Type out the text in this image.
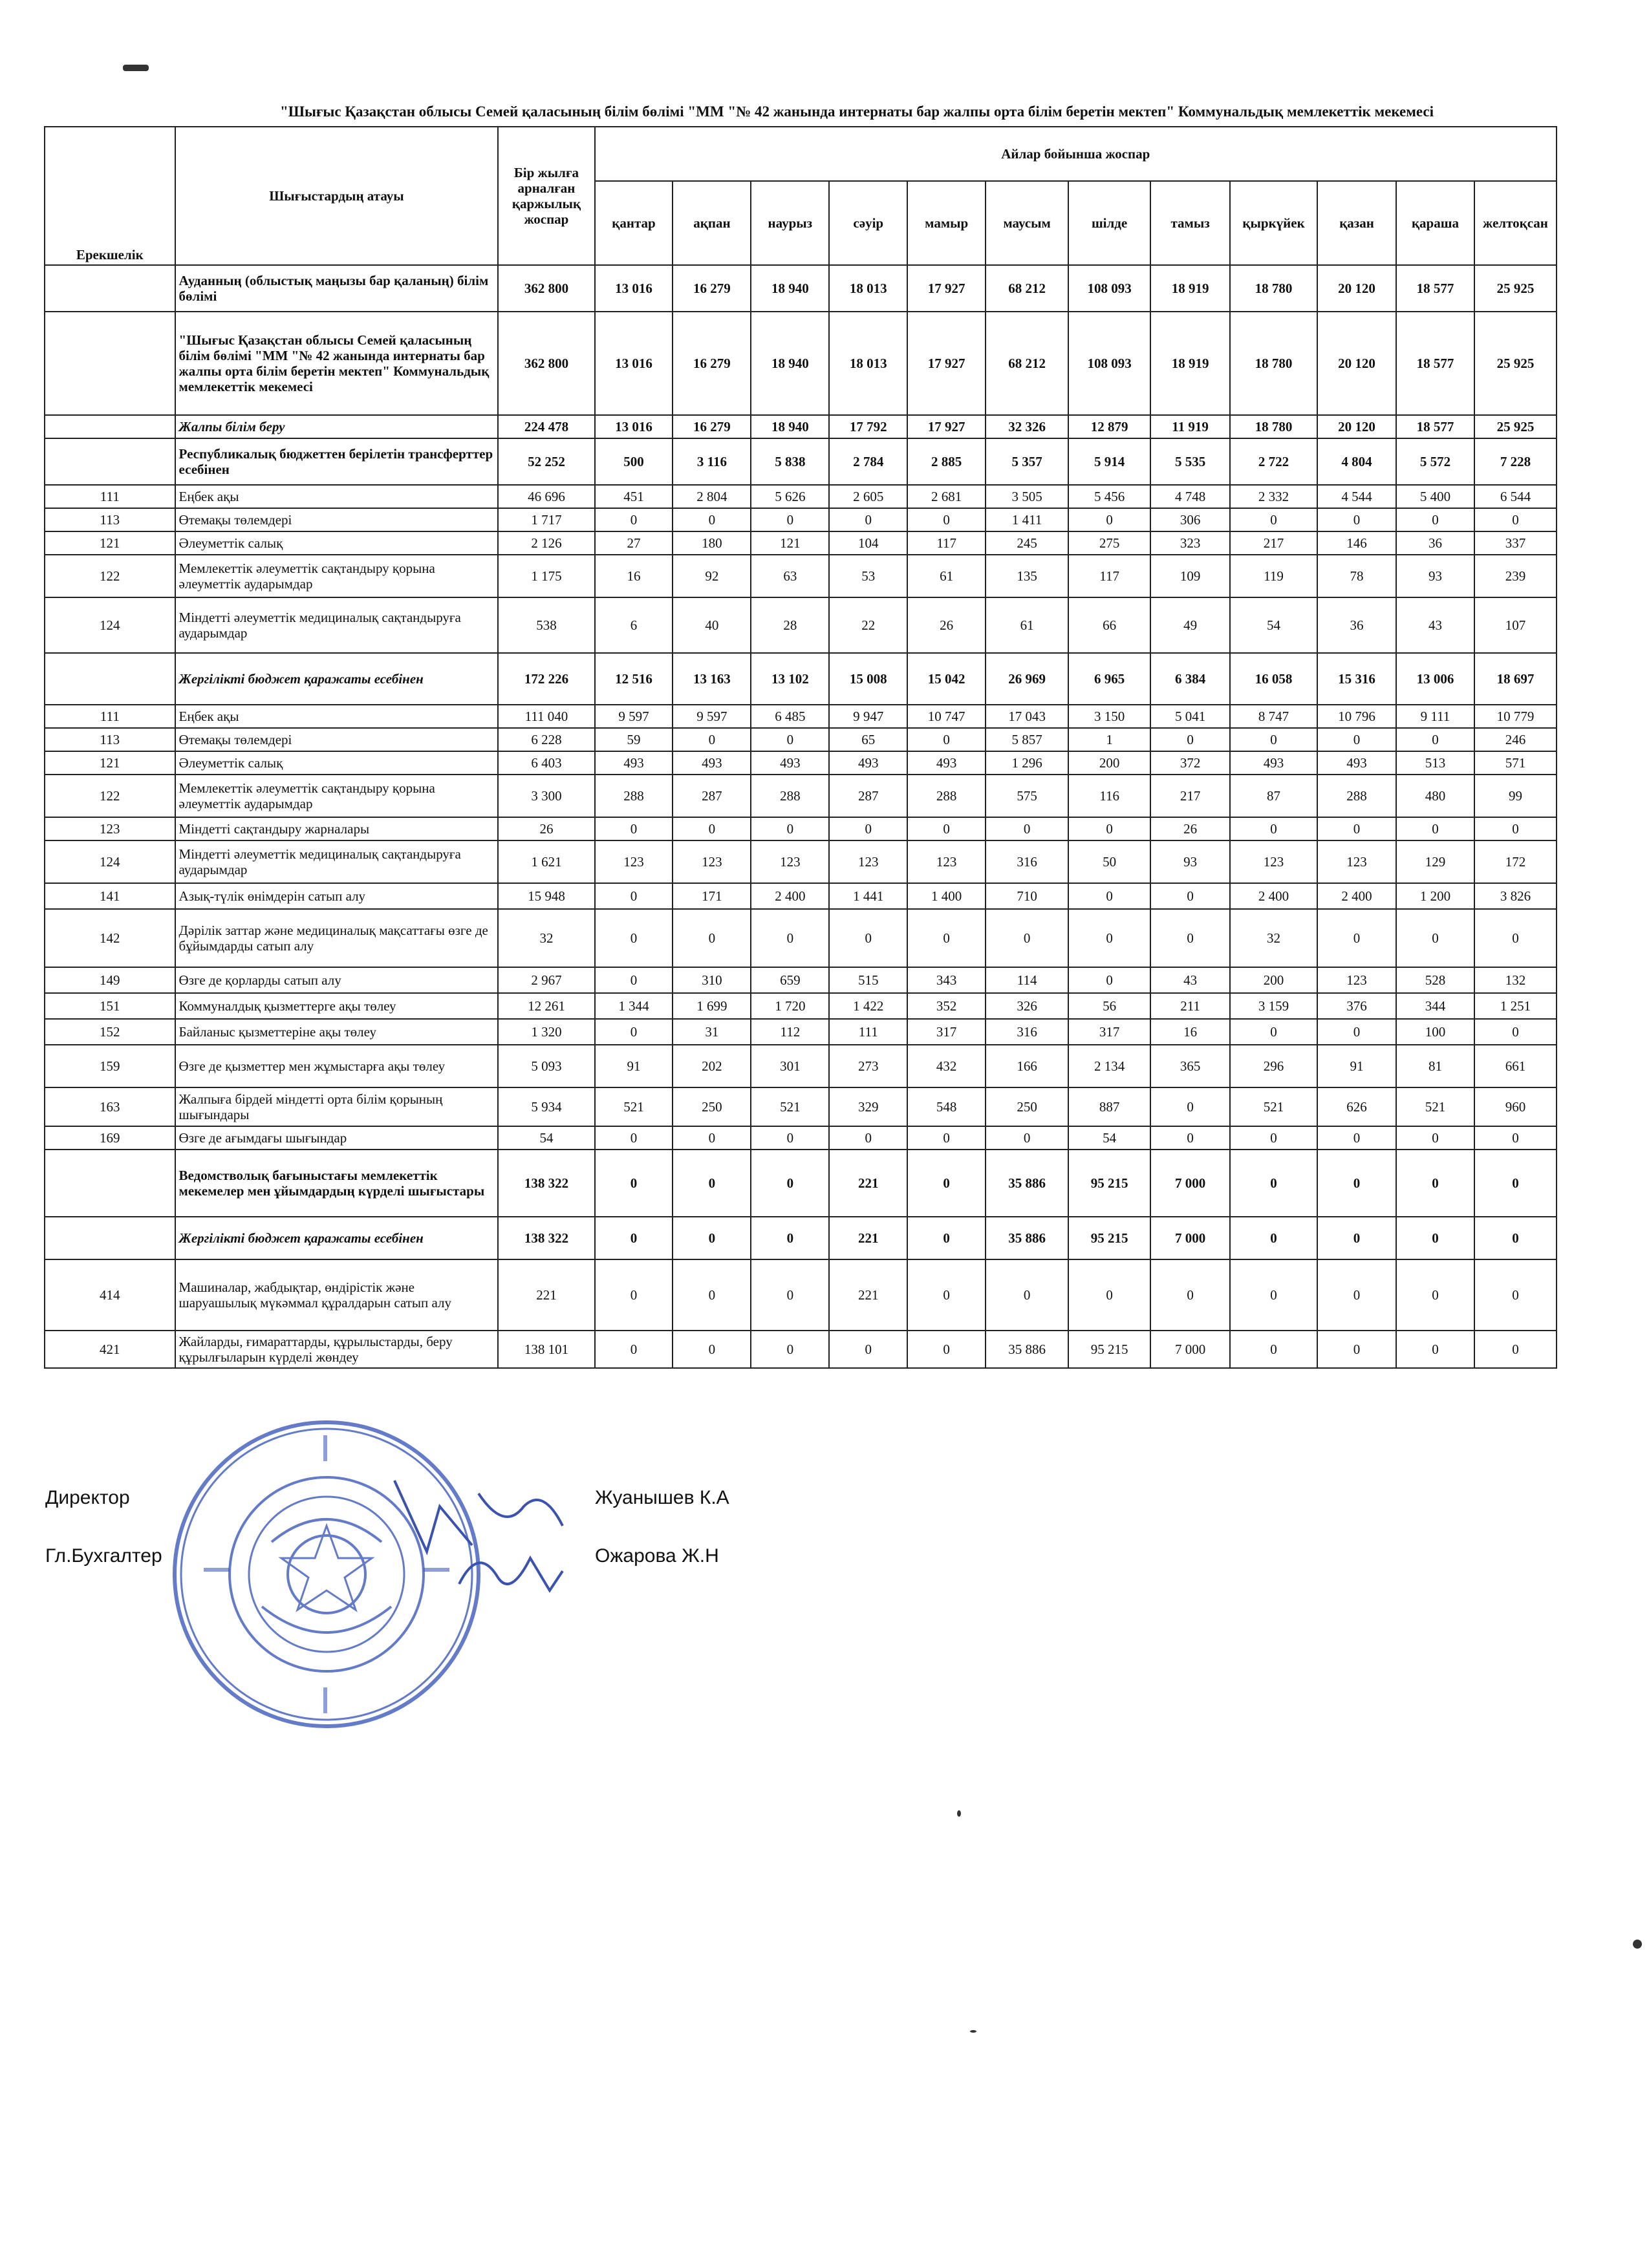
"Шығыс Қазақстан облысы Семей қаласының білім бөлімі "ММ "№ 42 жанында интернаты бар жалпы орта білім беретін мектеп" Коммунальдық мемлекеттік мекемесі
Ерекшелік	Шығыстардың атауы	Бір жылға арналған қаржылық жоспар	Айлар бойынша жоспар											
			қантар	ақпан	наурыз	сәуір	мамыр	маусым	шілде	тамыз	қыркүйек	қазан	қараша	желтоқсан
	Ауданның (облыстық маңызы бар қаланың) білім бөлімі	362 800	13 016	16 279	18 940	18 013	17 927	68 212	108 093	18 919	18 780	20 120	18 577	25 925
	"Шығыс Қазақстан облысы Семей қаласының білім бөлімі "ММ "№ 42 жанында интернаты бар жалпы орта білім беретін мектеп" Коммунальдық мемлекеттік мекемесі	362 800	13 016	16 279	18 940	18 013	17 927	68 212	108 093	18 919	18 780	20 120	18 577	25 925
	Жалпы білім беру	224 478	13 016	16 279	18 940	17 792	17 927	32 326	12 879	11 919	18 780	20 120	18 577	25 925
	Республикалық бюджеттен берілетін трансферттер есебінен	52 252	500	3 116	5 838	2 784	2 885	5 357	5 914	5 535	2 722	4 804	5 572	7 228
111	Еңбек ақы	46 696	451	2 804	5 626	2 605	2 681	3 505	5 456	4 748	2 332	4 544	5 400	6 544
113	Өтемақы төлемдері	1 717	0	0	0	0	0	1 411	0	306	0	0	0	0
121	Әлеуметтік салық	2 126	27	180	121	104	117	245	275	323	217	146	36	337
122	Мемлекеттік әлеуметтік сақтандыру қорына әлеуметтік аударымдар	1 175	16	92	63	53	61	135	117	109	119	78	93	239
124	Міндетті әлеуметтік медициналық сақтандыруға аударымдар	538	6	40	28	22	26	61	66	49	54	36	43	107
	Жергілікті бюджет қаражаты есебінен	172 226	12 516	13 163	13 102	15 008	15 042	26 969	6 965	6 384	16 058	15 316	13 006	18 697
111	Еңбек ақы	111 040	9 597	9 597	6 485	9 947	10 747	17 043	3 150	5 041	8 747	10 796	9 111	10 779
113	Өтемақы төлемдері	6 228	59	0	0	65	0	5 857	1	0	0	0	0	246
121	Әлеуметтік салық	6 403	493	493	493	493	493	1 296	200	372	493	493	513	571
122	Мемлекеттік әлеуметтік сақтандыру қорына әлеуметтік аударымдар	3 300	288	287	288	287	288	575	116	217	87	288	480	99
123	Міндетті сақтандыру жарналары	26	0	0	0	0	0	0	0	26	0	0	0	0
124	Міндетті әлеуметтік медициналық сақтандыруға аударымдар	1 621	123	123	123	123	123	316	50	93	123	123	129	172
141	Азық-түлік өнімдерін сатып алу	15 948	0	171	2 400	1 441	1 400	710	0	0	2 400	2 400	1 200	3 826
142	Дәрілік заттар және медициналық мақсаттағы өзге де бұйымдарды сатып алу	32	0	0	0	0	0	0	0	0	32	0	0	0
149	Өзге де қорларды сатып алу	2 967	0	310	659	515	343	114	0	43	200	123	528	132
151	Коммуналдық қызметтерге ақы төлеу	12 261	1 344	1 699	1 720	1 422	352	326	56	211	3 159	376	344	1 251
152	Байланыс қызметтеріне ақы төлеу	1 320	0	31	112	111	317	316	317	16	0	0	100	0
159	Өзге де қызметтер мен жұмыстарға ақы төлеу	5 093	91	202	301	273	432	166	2 134	365	296	91	81	661
163	Жалпыға бірдей міндетті орта білім қорының шығындары	5 934	521	250	521	329	548	250	887	0	521	626	521	960
169	Өзге де ағымдағы шығындар	54	0	0	0	0	0	0	54	0	0	0	0	0
	Ведомстволық бағыныстағы мемлекеттік мекемелер мен ұйымдардың күрделі шығыстары	138 322	0	0	0	221	0	35 886	95 215	7 000	0	0	0	0
	Жергілікті бюджет қаражаты есебінен	138 322	0	0	0	221	0	35 886	95 215	7 000	0	0	0	0
414	Машиналар, жабдықтар, өндірістік және шаруашылық мүкәммал құралдарын сатып алу	221	0	0	0	221	0	0	0	0	0	0	0	0
421	Жайларды, ғимараттарды, құрылыстарды, беру құрылғыларын күрделі жөндеу	138 101	0	0	0	0	0	35 886	95 215	7 000	0	0	0	0
Директор	Жуанышев К.А
Гл.Бухгалтер	Ожарова Ж.Н
